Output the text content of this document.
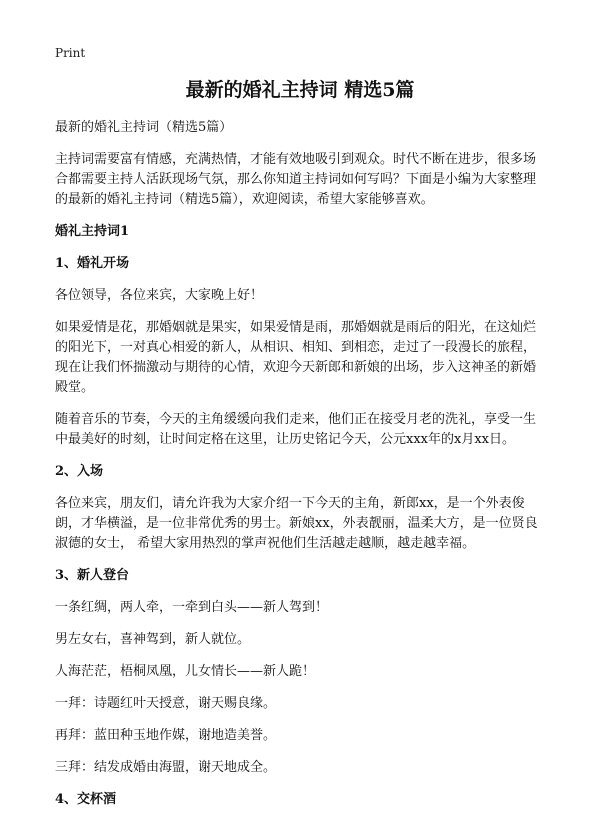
Print
最新的婚礼主持词 精选5篇

最新的婚礼主持词（精选5篇）

主持词需要富有情感，充满热情，才能有效地吸引到观众。时代不断在进步，很多场合都需要主持人活跃现场气氛，那么你知道主持词如何写吗？下面是小编为大家整理的最新的婚礼主持词（精选5篇），欢迎阅读，希望大家能够喜欢。

婚礼主持词1
1、婚礼开场

各位领导，各位来宾，大家晚上好！

如果爱情是花，那婚姻就是果实，如果爱情是雨，那婚姻就是雨后的阳光，在这灿烂的阳光下，一对真心相爱的新人，从相识、相知、到相恋，走过了一段漫长的旅程，现在让我们怀揣激动与期待的心情，欢迎今天新郎和新娘的出场，步入这神圣的新婚殿堂。

随着音乐的节奏，今天的主角缓缓向我们走来，他们正在接受月老的洗礼，享受一生中最美好的时刻，让时间定格在这里，让历史铭记今天，公元xxx年的x月xx日。

2、入场

各位来宾，朋友们，请允许我为大家介绍一下今天的主角，新郎xx，是一个外表俊朗，才华横溢，是一位非常优秀的男士。新娘xx，外表靓丽，温柔大方，是一位贤良淑德的女士， 希望大家用热烈的掌声祝他们生活越走越顺，越走越幸福。

3、新人登台

一条红绸，两人牵，一牵到白头——新人驾到！

男左女右，喜神驾到，新人就位。

人海茫茫，梧桐凤凰，儿女情长——新人跪！

一拜：诗题红叶天授意，谢天赐良缘。

再拜：蓝田种玉地作媒，谢地造美誉。

三拜：结发成婚由海盟，谢天地成全。

4、交杯酒
